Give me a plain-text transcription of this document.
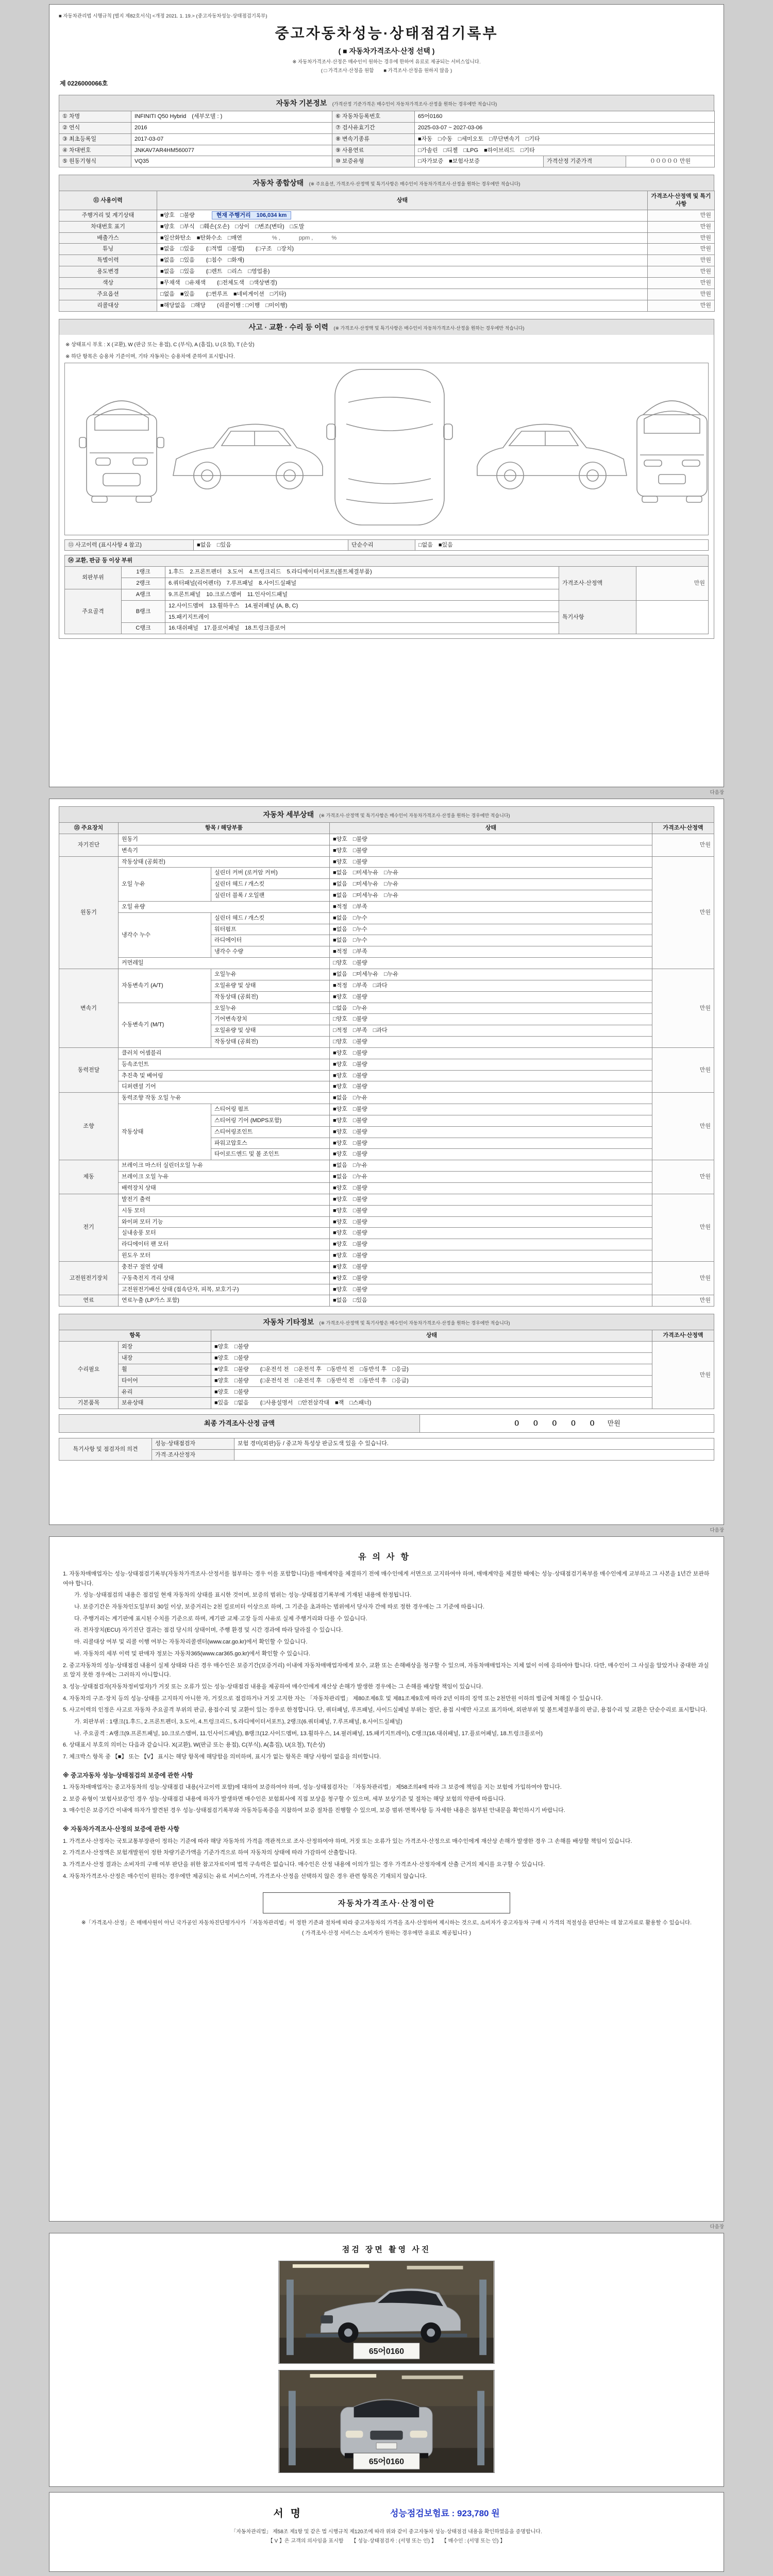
■ 자동차관리법 시행규칙 [별지 제82호서식] <개정 2021. 1. 19.> (중고자동차성능·상태점검기록부)
중고자동차성능·상태점검기록부
( ■ 자동차가격조사·산정 선택 )
※ 자동차가격조사·산정은 매수인이 원하는 경우에 한하여 유료로 제공되는 서비스입니다.
( □ 가격조사·산정을 원함　　■ 가격조사·산정을 원하지 않음 )
제 0226000066호
자동차 기본정보 (가격산정 기준가격은 매수인이 자동차가격조사·산정을 원하는 경우에만 적습니다)
① 차명	INFINITI Q50 Hybrid　(세부모델 : )	⑥ 자동차등록번호	65어0160		
② 연식	2016	⑦ 검사유효기간	2025-03-07 ~ 2027-03-06		
③ 최초등록일	2017-03-07	⑧ 변속기종류	■자동　□수동　□세미오토　□무단변속기　□기타		
④ 차대번호	JNKAV7AR4HM560077	⑨ 사용연료	□가솔린　□디젤　□LPG　■하이브리드　□기타		
⑤ 원동기형식	VQ35	⑩ 보증유형	□자가보증　■보험사보증	가격산정 기준가격	０００００ 만원
자동차 종합상태 (※ 주요옵션, 가격조사·산정액 및 특기사항은 매수인이 자동차가격조사·산정을 원하는 경우에만 적습니다)
⑪ 사용이력	상태	가격조사·산정액 및 특기사항
주행거리 및 계기상태	■양호　□불량　　　현재 주행거리　106,034 km	만원
차대번호 표기	■양호　□부식　□훼손(오손)　□상이　□변조(변타)　□도말	만원
배출가스	■일산화탄소　■탄화수소　□매연　　　　　 % ,　　　 ppm ,　　　 %	만원
튜닝	■없음　□있음　　(□적법　□불법)　　(□구조　□장치)	만원
특별이력	■없음　□있음　　(□침수　□화재)	만원
용도변경	■없음　□있음　　(□렌트　□리스　□영업용)	만원
색상	■무채색　□유채색　　(□전체도색　□색상변경)	만원
주요옵션	□없음　■있음　　(□썬루프　■네비게이션　□기타)	만원
리콜대상	■해당없음　□해당　　(리콜이행 : □이행　□미이행)	만원
사고 · 교환 · 수리 등 이력 (※ 가격조사·산정액 및 특기사항은 매수인이 자동차가격조사·산정을 원하는 경우에만 적습니다)
※ 상태표시 부호 : X (교환), W (판금 또는 용접), C (부식), A (흠집), U (요철), T (손상)
※ 하단 항목은 승용차 기준이며, 기타 자동차는 승용차에 준하여 표시합니다.
⑬ 사고이력 (표시사항 4 참고)	■없음　□있음	단순수리	□없음　■있음
⑭ 교환, 판금 등 이상 부위				
외판부위	1랭크	1.후드　2.프론트펜더　3.도어　4.트렁크리드　5.라디에이터서포트(볼트체결부품)	가격조사·산정액	만원
	2랭크	6.쿼터패널(리어펜더)　7.루프패널　8.사이드실패널		
주요골격	A랭크	9.프론트패널　10.크로스멤버　11.인사이드패널		
	B랭크	12.사이드멤버　13.휠하우스　14.필러패널 (A, B, C)	특기사항	
		15.패키지트레이		
	C랭크	16.대쉬패널　17.플로어패널　18.트렁크플로어		
다음장
자동차 세부상태 (※ 가격조사·산정액 및 특기사항은 매수인이 자동차가격조사·산정을 원하는 경우에만 적습니다)
⑮ 주요장치	항목 / 해당부품		상태	가격조사·산정액
자기진단	원동기		■양호　□불량	만원
	변속기		■양호　□불량	
원동기	작동상태 (공회전)		■양호　□불량	만원
	오일 누유	실린더 커버 (로커암 커버)	■없음　□미세누유　□누유	
		실린더 헤드 / 개스킷	■없음　□미세누유　□누유	
		실린더 블록 / 오일팬	■없음　□미세누유　□누유	
	오일 유량		■적정　□부족	
	냉각수 누수	실린더 헤드 / 개스킷	■없음　□누수	
		워터펌프	■없음　□누수	
		라디에이터	■없음　□누수	
		냉각수 수량	■적정　□부족	
	커먼레일		□양호　□불량	
변속기	자동변속기 (A/T)	오일누유	■없음　□미세누유　□누유	만원
		오일유량 및 상태	■적정　□부족　□과다	
		작동상태 (공회전)	■양호　□불량	
	수동변속기 (M/T)	오일누유	□없음　□누유	
		기어변속장치	□양호　□불량	
		오일유량 및 상태	□적정　□부족　□과다	
		작동상태 (공회전)	□양호　□불량	
동력전달	클러치 어셈블리		■양호　□불량	만원
	등속조인트		■양호　□불량	
	추진축 및 베어링		■양호　□불량	
	디퍼렌셜 기어		■양호　□불량	
조향	동력조향 작동 오일 누유		■없음　□누유	만원
	작동상태	스티어링 펌프	■양호　□불량	
		스티어링 기어 (MDPS포함)	■양호　□불량	
		스티어링조인트	■양호　□불량	
		파워고압호스	■양호　□불량	
		타이로드엔드 및 볼 조인트	■양호　□불량	
제동	브레이크 마스터 실린더오일 누유		■없음　□누유	만원
	브레이크 오일 누유		■없음　□누유	
	배력장치 상태		■양호　□불량	
전기	발전기 출력		■양호　□불량	만원
	시동 모터		■양호　□불량	
	와이퍼 모터 기능		■양호　□불량	
	실내송풍 모터		■양호　□불량	
	라디에이터 팬 모터		■양호　□불량	
	윈도우 모터		■양호　□불량	
고전원전기장치	충전구 절연 상태		■양호　□불량	만원
	구동축전지 격리 상태		■양호　□불량	
	고전원전기배선 상태 (접속단자, 피복, 보호기구)		■양호　□불량	
연료	연료누출 (LP가스 포함)		■없음　□있음	만원
자동차 기타정보 (※ 가격조사·산정액 및 특기사항은 매수인이 자동차가격조사·산정을 원하는 경우에만 적습니다)
항목		상태	가격조사·산정액
수리필요	외장	■양호　□불량	만원
	내장	■양호　□불량	
	휠	■양호　□불량　　(□운전석 전　□운전석 후　□동반석 전　□동반석 후　□응급)	
	타이어	■양호　□불량　　(□운전석 전　□운전석 후　□동반석 전　□동반석 후　□응급)	
	유리	■양호　□불량	
기본품목	보유상태	■있음　□없음　　(□사용설명서　□안전삼각대　■잭　□스패너)	
최종 가격조사·산정 금액	０ ０ ０ ０ ０　만원
특기사항 및 점검자의 의견	성능·상태점검자	보험 경미(외판)등 / 중고차 특성상 판금도색 있을 수 있습니다.
	가격·조사산정자	
다음장
유의사항

1. 자동차매매업자는 성능·상태점검기록부(자동차가격조사·산정서를 첨부하는 경우 이를 포함합니다)를 매매계약을 체결하기 전에 매수인에게 서면으로 고지하여야 하며, 매매계약을 체결한 때에는 성능·상태점검기록부를 매수인에게 교부하고 그 사본을 1년간 보관하여야 합니다.

가. 성능·상태점검의 내용은 점검일 현재 자동차의 상태를 표시한 것이며, 보증의 범위는 성능·상태점검기록부에 기재된 내용에 한정됩니다.

나. 보증기간은 자동차인도일부터 30일 이상, 보증거리는 2천 킬로미터 이상으로 하며, 그 기준을 초과하는 범위에서 당사자 간에 따로 정한 경우에는 그 기준에 따릅니다.

다. 주행거리는 계기판에 표시된 수치를 기준으로 하며, 계기판 교체·고장 등의 사유로 실제 주행거리와 다를 수 있습니다.

라. 전자장치(ECU) 자기진단 결과는 점검 당시의 상태이며, 주행 환경 및 시간 경과에 따라 달라질 수 있습니다.

마. 리콜대상 여부 및 리콜 이행 여부는 자동차리콜센터(www.car.go.kr)에서 확인할 수 있습니다.

바. 자동차의 세부 이력 및 판매자 정보는 자동차365(www.car365.go.kr)에서 확인할 수 있습니다.

2. 중고자동차의 성능·상태점검 내용이 실제 상태와 다른 경우 매수인은 보증기간(보증거리) 이내에 자동차매매업자에게 보수, 교환 또는 손해배상을 청구할 수 있으며, 자동차매매업자는 지체 없이 이에 응하여야 합니다. 다만, 매수인이 그 사실을 알았거나 중대한 과실로 알지 못한 경우에는 그러하지 아니합니다.

3. 성능·상태점검자(자동차정비업자)가 거짓 또는 오류가 있는 성능·상태점검 내용을 제공하여 매수인에게 재산상 손해가 발생한 경우에는 그 손해를 배상할 책임이 있습니다.

4. 자동차의 구조·장치 등의 성능·상태를 고지하지 아니한 자, 거짓으로 점검하거나 거짓 고지한 자는 「자동차관리법」 제80조제6호 및 제81조제9호에 따라 2년 이하의 징역 또는 2천만원 이하의 벌금에 처해질 수 있습니다.

5. 사고이력의 인정은 사고로 자동차 주요골격 부위의 판금, 용접수리 및 교환이 있는 경우로 한정합니다. 단, 쿼터패널, 루프패널, 사이드실패널 부위는 절단, 용접 시에만 사고로 표기하며, 외판부위 및 볼트체결부품의 판금, 용접수리 및 교환은 단순수리로 표시합니다.

가. 외판부위 : 1랭크(1.후드, 2.프론트펜더, 3.도어, 4.트렁크리드, 5.라디에이터서포트), 2랭크(6.쿼터패널, 7.루프패널, 8.사이드실패널)

나. 주요골격 : A랭크(9.프론트패널, 10.크로스멤버, 11.인사이드패널), B랭크(12.사이드멤버, 13.휠하우스, 14.필러패널, 15.패키지트레이), C랭크(16.대쉬패널, 17.플로어패널, 18.트렁크플로어)

6. 상태표시 부호의 의미는 다음과 같습니다. X(교환), W(판금 또는 용접), C(부식), A(흠집), U(요철), T(손상)

7. 체크박스 항목 중 【■】 또는 【V】 표시는 해당 항목에 해당함을 의미하며, 표시가 없는 항목은 해당 사항이 없음을 의미합니다.

※ 중고자동차 성능·상태점검의 보증에 관한 사항

1. 자동차매매업자는 중고자동차의 성능·상태점검 내용(사고이력 포함)에 대하여 보증하여야 하며, 성능·상태점검자는 「자동차관리법」 제58조의4에 따라 그 보증에 책임을 지는 보험에 가입하여야 합니다.

2. 보증 유형이 '보험사보증'인 경우 성능·상태점검 내용에 하자가 발생하면 매수인은 보험회사에 직접 보상을 청구할 수 있으며, 세부 보상기준 및 절차는 해당 보험의 약관에 따릅니다.

3. 매수인은 보증기간 이내에 하자가 발견된 경우 성능·상태점검기록부와 자동차등록증을 지참하여 보증 절차를 진행할 수 있으며, 보증 범위·면책사항 등 자세한 내용은 첨부된 안내문을 확인하시기 바랍니다.

※ 자동차가격조사·산정의 보증에 관한 사항

1. 가격조사·산정자는 국토교통부장관이 정하는 기준에 따라 해당 자동차의 가격을 객관적으로 조사·산정하여야 하며, 거짓 또는 오류가 있는 가격조사·산정으로 매수인에게 재산상 손해가 발생한 경우 그 손해를 배상할 책임이 있습니다.

2. 가격조사·산정액은 보험개발원이 정한 차량기준가액을 기준가격으로 하여 자동차의 상태에 따라 가감하여 산출합니다.

3. 가격조사·산정 결과는 소비자의 구매 여부 판단을 위한 참고자료이며 법적 구속력은 없습니다. 매수인은 산정 내용에 이의가 있는 경우 가격조사·산정자에게 산출 근거의 제시를 요구할 수 있습니다.

4. 자동차가격조사·산정은 매수인이 원하는 경우에만 제공되는 유료 서비스이며, 가격조사·산정을 선택하지 않은 경우 관련 항목은 기재되지 않습니다.

자동차가격조사·산정이란

※「가격조사·산정」은 매매사원이 아닌 국가공인 자동차진단평가사가 「자동차관리법」이 정한 기준과 절차에 따라 중고자동차의 가격을 조사·산정하여 제시하는 것으로, 소비자가 중고자동차 구매 시 가격의 적절성을 판단하는 데 참고자료로 활용할 수 있습니다.

( 가격조사·산정 서비스는 소비자가 원하는 경우에만 유료로 제공됩니다 )

다음장
점검 장면 촬영 사진
65어0160
65어0160
서명	성능점검보험료 : 923,780 원

「자동차관리법」 제58조 제1항 및 같은 법 시행규칙 제120조에 따라 위와 같이 중고자동차 성능·상태점검 내용을 확인하였음을 증명합니다.

【 V 】은 고객의 의사임을 표시함　　【 성능·상태점검자 : (서명 또는 인) 】　　【 매수인 : (서명 또는 인) 】
